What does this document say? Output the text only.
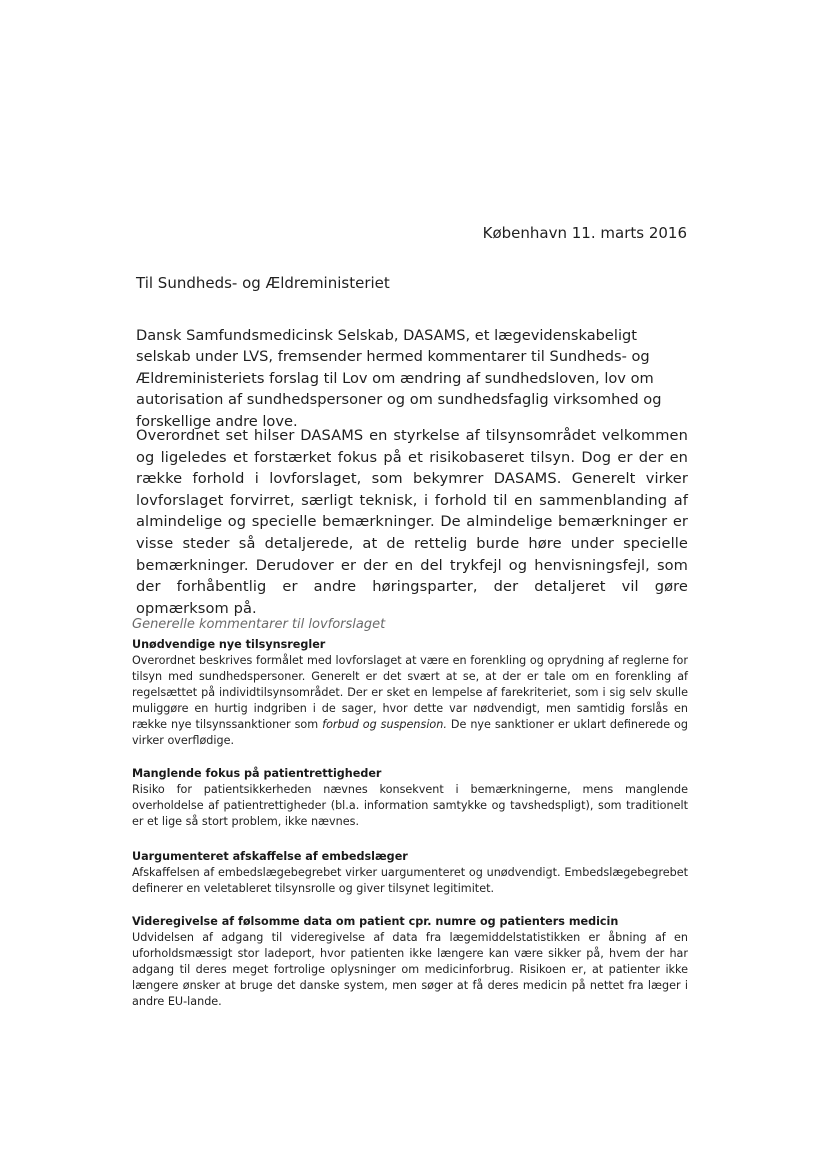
København 11. marts 2016
Til Sundheds- og Ældreministeriet

Dansk Samfundsmedicinsk Selskab, DASAMS, et lægevidenskabeligt selskab under LVS, fremsender hermed kommentarer til Sundheds- og Ældreministeriets forslag til Lov om ændring af sundhedsloven, lov om autorisation af sundhedspersoner og om sundhedsfaglig virksomhed og forskellige andre love.

Overordnet set hilser DASAMS en styrkelse af tilsynsområdet velkommen og ligeledes et forstærket fokus på et risikobaseret tilsyn. Dog er der en række forhold i lovforslaget, som bekymrer DASAMS. Generelt virker lovforslaget forvirret, særligt teknisk, i forhold til en sammenblanding af almindelige og specielle bemærkninger. De almindelige bemærkninger er visse steder så detaljerede, at de rettelig burde høre under specielle bemærkninger. Derudover er der en del trykfejl og henvisningsfejl, som der forhåbentlig er andre høringsparter, der detaljeret vil gøre opmærksom på.

Generelle kommentarer til lovforslaget

Unødvendige nye tilsynsregler

Overordnet beskrives formålet med lovforslaget at være en forenkling og oprydning af reglerne for tilsyn med sundhedspersoner. Generelt er det svært at se, at der er tale om en forenkling af regelsættet på individtilsynsområdet. Der er sket en lempelse af farekriteriet, som i sig selv skulle muliggøre en hurtig indgriben i de sager, hvor dette var nødvendigt, men samtidig forslås en række nye tilsynssanktioner som forbud og suspension. De nye sanktioner er uklart definerede og virker overflødige.

Manglende fokus på patientrettigheder

Risiko for patientsikkerheden nævnes konsekvent i bemærkningerne, mens manglende overholdelse af patientrettigheder (bl.a. information samtykke og tavshedspligt), som traditionelt er et lige så stort problem, ikke nævnes.

Uargumenteret afskaffelse af embedslæger

Afskaffelsen af embedslægebegrebet virker uargumenteret og unødvendigt. Embedslægebegrebet definerer en veletableret tilsynsrolle og giver tilsynet legitimitet.

Videregivelse af følsomme data om patient cpr. numre og patienters medicin

Udvidelsen af adgang til videregivelse af data fra lægemiddelstatistikken er åbning af en uforholdsmæssigt stor ladeport, hvor patienten ikke længere kan være sikker på, hvem der har adgang til deres meget fortrolige oplysninger om medicinforbrug. Risikoen er, at patienter ikke længere ønsker at bruge det danske system, men søger at få deres medicin på nettet fra læger i andre EU-lande.
